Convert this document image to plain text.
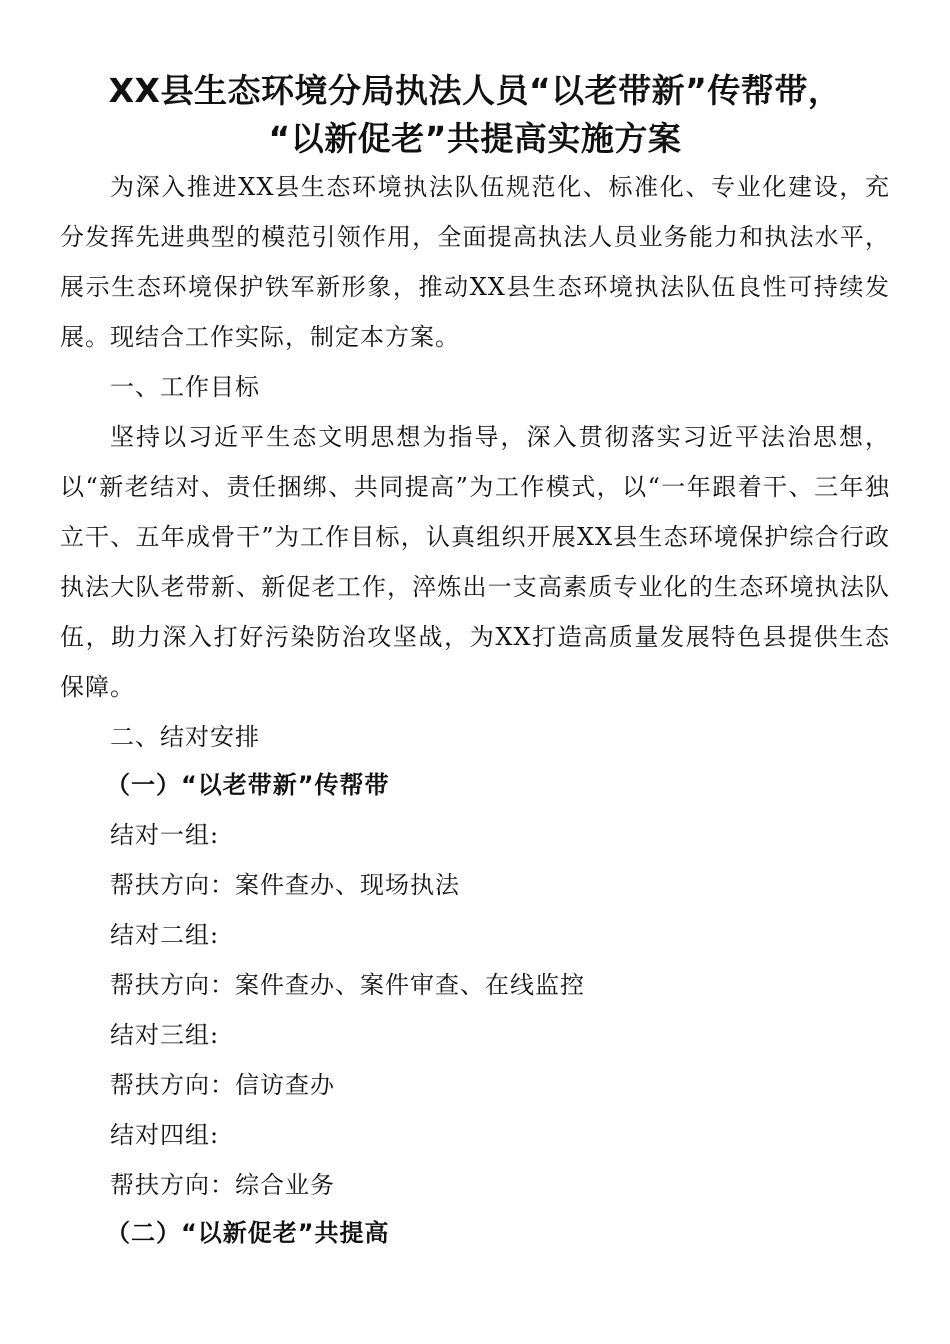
XX县生态环境分局执法人员“以老带新”传帮带，
“以新促老”共提高实施方案
为深入推进XX县生态环境执法队伍规范化、标准化、专业化建设，充分发挥先进典型的模范引领作用，全面提高执法人员业务能力和执法水平，展示生态环境保护铁军新形象，推动XX县生态环境执法队伍良性可持续发展。现结合工作实际，制定本方案。
一、工作目标
坚持以习近平生态文明思想为指导，深入贯彻落实习近平法治思想，以“新老结对、责任捆绑、共同提高”为工作模式，以“一年跟着干、三年独立干、五年成骨干”为工作目标，认真组织开展XX县生态环境保护综合行政执法大队老带新、新促老工作，淬炼出一支高素质专业化的生态环境执法队伍，助力深入打好污染防治攻坚战，为XX打造高质量发展特色县提供生态保障。
二、结对安排
（一）“以老带新”传帮带
结对一组:
帮扶方向：案件查办、现场执法
结对二组:
帮扶方向：案件查办、案件审查、在线监控
结对三组:
帮扶方向：信访查办
结对四组:
帮扶方向：综合业务
（二）“以新促老”共提高
